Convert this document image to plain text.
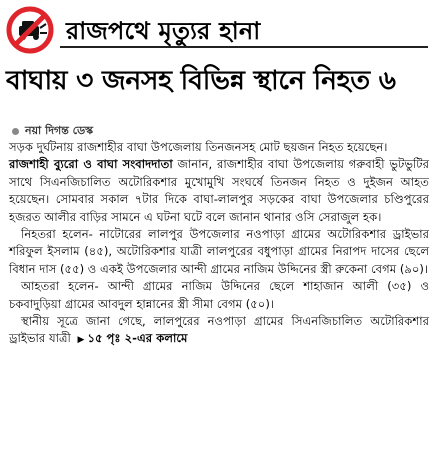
রাজপথে মৃত্যুর হানা
বাঘায় ৩ জনসহ বিভিন্ন স্থানে নিহত ৬
নয়া দিগন্ত ডেস্ক

সড়ক দুর্ঘটনায় রাজশাহীর বাঘা উপজেলায় তিনজনসহ মোট ছয়জন নিহত হয়েছেন।

রাজশাহী ব্যুরো ও বাঘা সংবাদদাতা জানান, রাজশাহীর বাঘা উপজেলায় গরুবাহী ভুটভুটির সাথে সিএনজিচালিত অটোরিকশার মুখোমুখি সংঘর্ষে তিনজন নিহত ও দুইজন আহত হয়েছেন। সোমবার সকাল ৭টার দিকে বাঘা-লালপুর সড়কের বাঘা উপজেলার চণ্ডিপুরের হজরত আলীর বাড়ির সামনে এ ঘটনা ঘটে বলে জানান থানার ওসি সেরাজুল হক।

নিহতরা হলেন- নাটোরের লালপুর উপজেলার নওপাড়া গ্রামের অটোরিকশার ড্রাইভার শরিফুল ইসলাম (৪৫), অটোরিকশার যাত্রী লালপুরের বধুপাড়া গ্রামের নিরাপদ দাসের ছেলে বিধান দাস (৫৫) ও একই উপজেলার আন্দী গ্রামের নাজিম উদ্দিনের স্ত্রী রুকেনা বেগম (৯০)।

আহতরা হলেন- আন্দী গ্রামের নাজিম উদ্দিনের ছেলে শাহাজান আলী (৩৫) ও চকবাদুড়িয়া গ্রামের আবদুল হান্নানের স্ত্রী সীমা বেগম (৫০)।

স্থানীয় সূত্রে জানা গেছে, লালপুরের নওপাড়া গ্রামের সিএনজিচালিত অটোরিকশার ড্রাইভার যাত্রী ▶ ১৫ পৃঃ ২-এর কলামে
